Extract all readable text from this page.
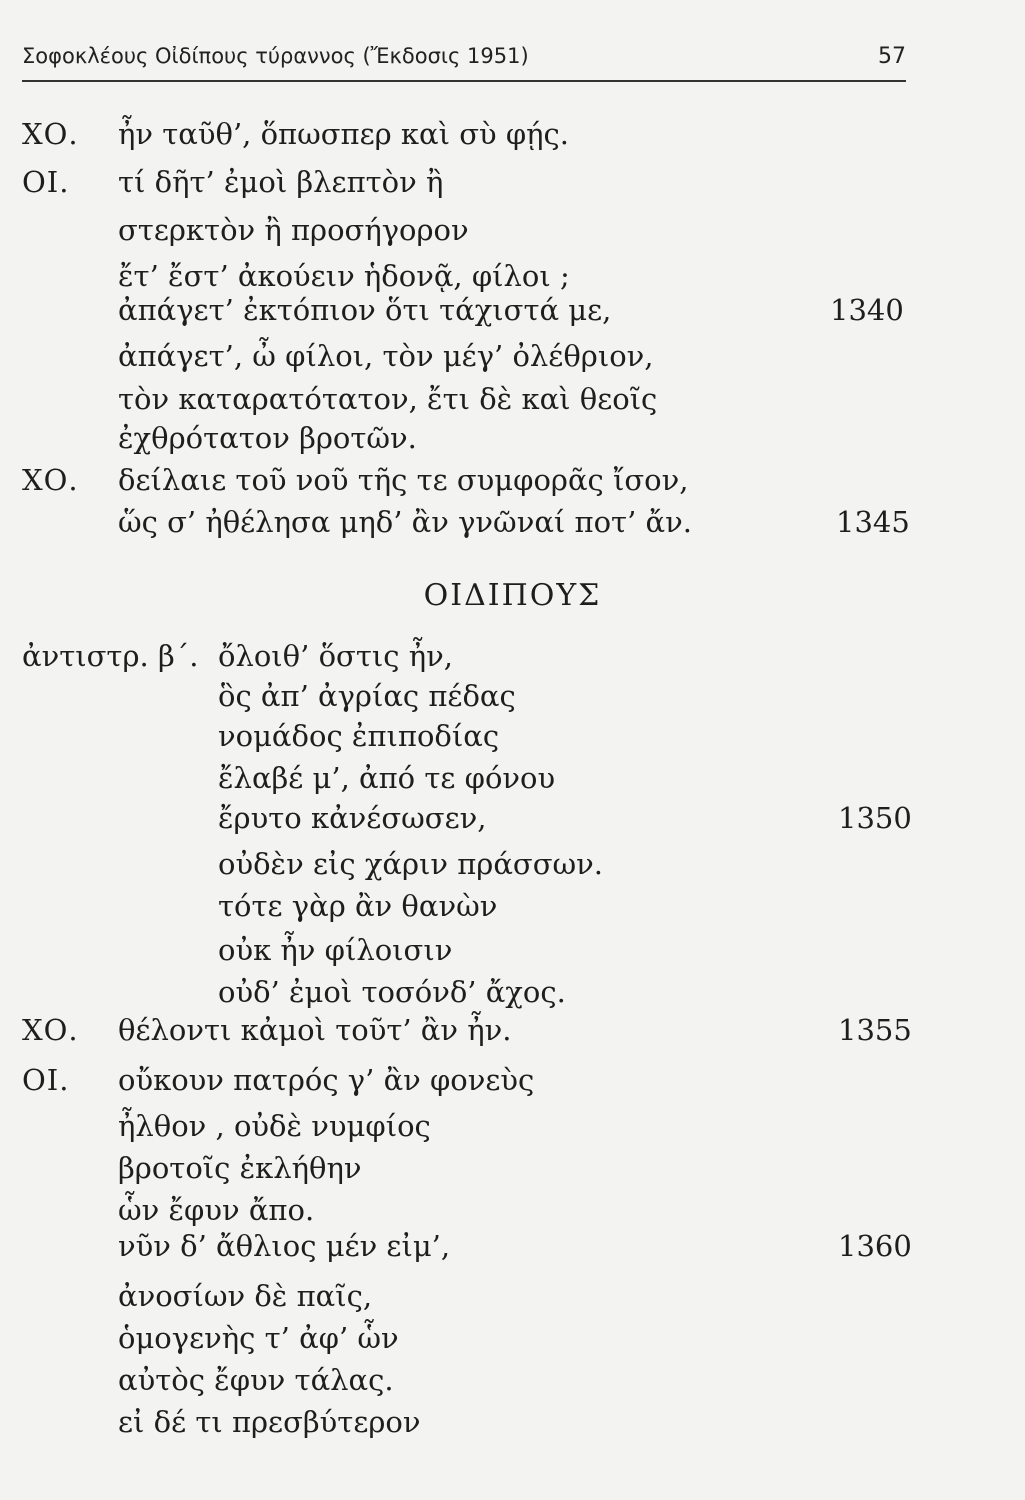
Σοφοκλέους Οἰδίπους τύραννος (Ἔκδοσις 1951)	57
ΧΟ. ἦν ταῦθ’, ὅπωσπερ καὶ σὺ φῄς.
ΟΙ. τί δῆτ’ ἐμοὶ βλεπτὸν ἢ
στερκτὸν ἢ προσήγορον
ἔτ’ ἔστ’ ἀκούειν ἡδονᾷ, φίλοι ;
ἀπάγετ’ ἐκτόπιον ὅτι τάχιστά με,	1340
ἀπάγετ’, ὦ φίλοι, τὸν μέγ’ ὀλέθριον,
τὸν καταρατότατον, ἔτι δὲ καὶ θεοῖς
ἐχθρότατον βροτῶν.
ΧΟ. δείλαιε τοῦ νοῦ τῆς τε συμφορᾶς ἴσον,
ὥς σ’ ἠθέλησα μηδ’ ἂν γνῶναί ποτ’ ἄν.	1345
ΟΙΔΙΠΟΥΣ
ἀντιστρ. β΄. ὄλοιθ’ ὅστις ἦν,
ὃς ἀπ’ ἀγρίας πέδας
νομάδος ἐπιποδίας
ἔλαβέ μ’, ἀπό τε φόνου
ἔρυτο κἀνέσωσεν,	1350
οὐδὲν εἰς χάριν πράσσων.
τότε γὰρ ἂν θανὼν
οὐκ ἦν φίλοισιν
οὐδ’ ἐμοὶ τοσόνδ’ ἄχος.
ΧΟ. θέλοντι κἀμοὶ τοῦτ’ ἂν ἦν.	1355
ΟΙ. οὔκουν πατρός γ’ ἂν φονεὺς
ἦλθον , οὐδὲ νυμφίος
βροτοῖς ἐκλήθην
ὧν ἔφυν ἄπο.
νῦν δ’ ἄθλιος μέν εἰμ’,	1360
ἀνοσίων δὲ παῖς,
ὁμογενὴς τ’ ἀφ’ ὧν
αὐτὸς ἔφυν τάλας.
εἰ δέ τι πρεσβύτερον
